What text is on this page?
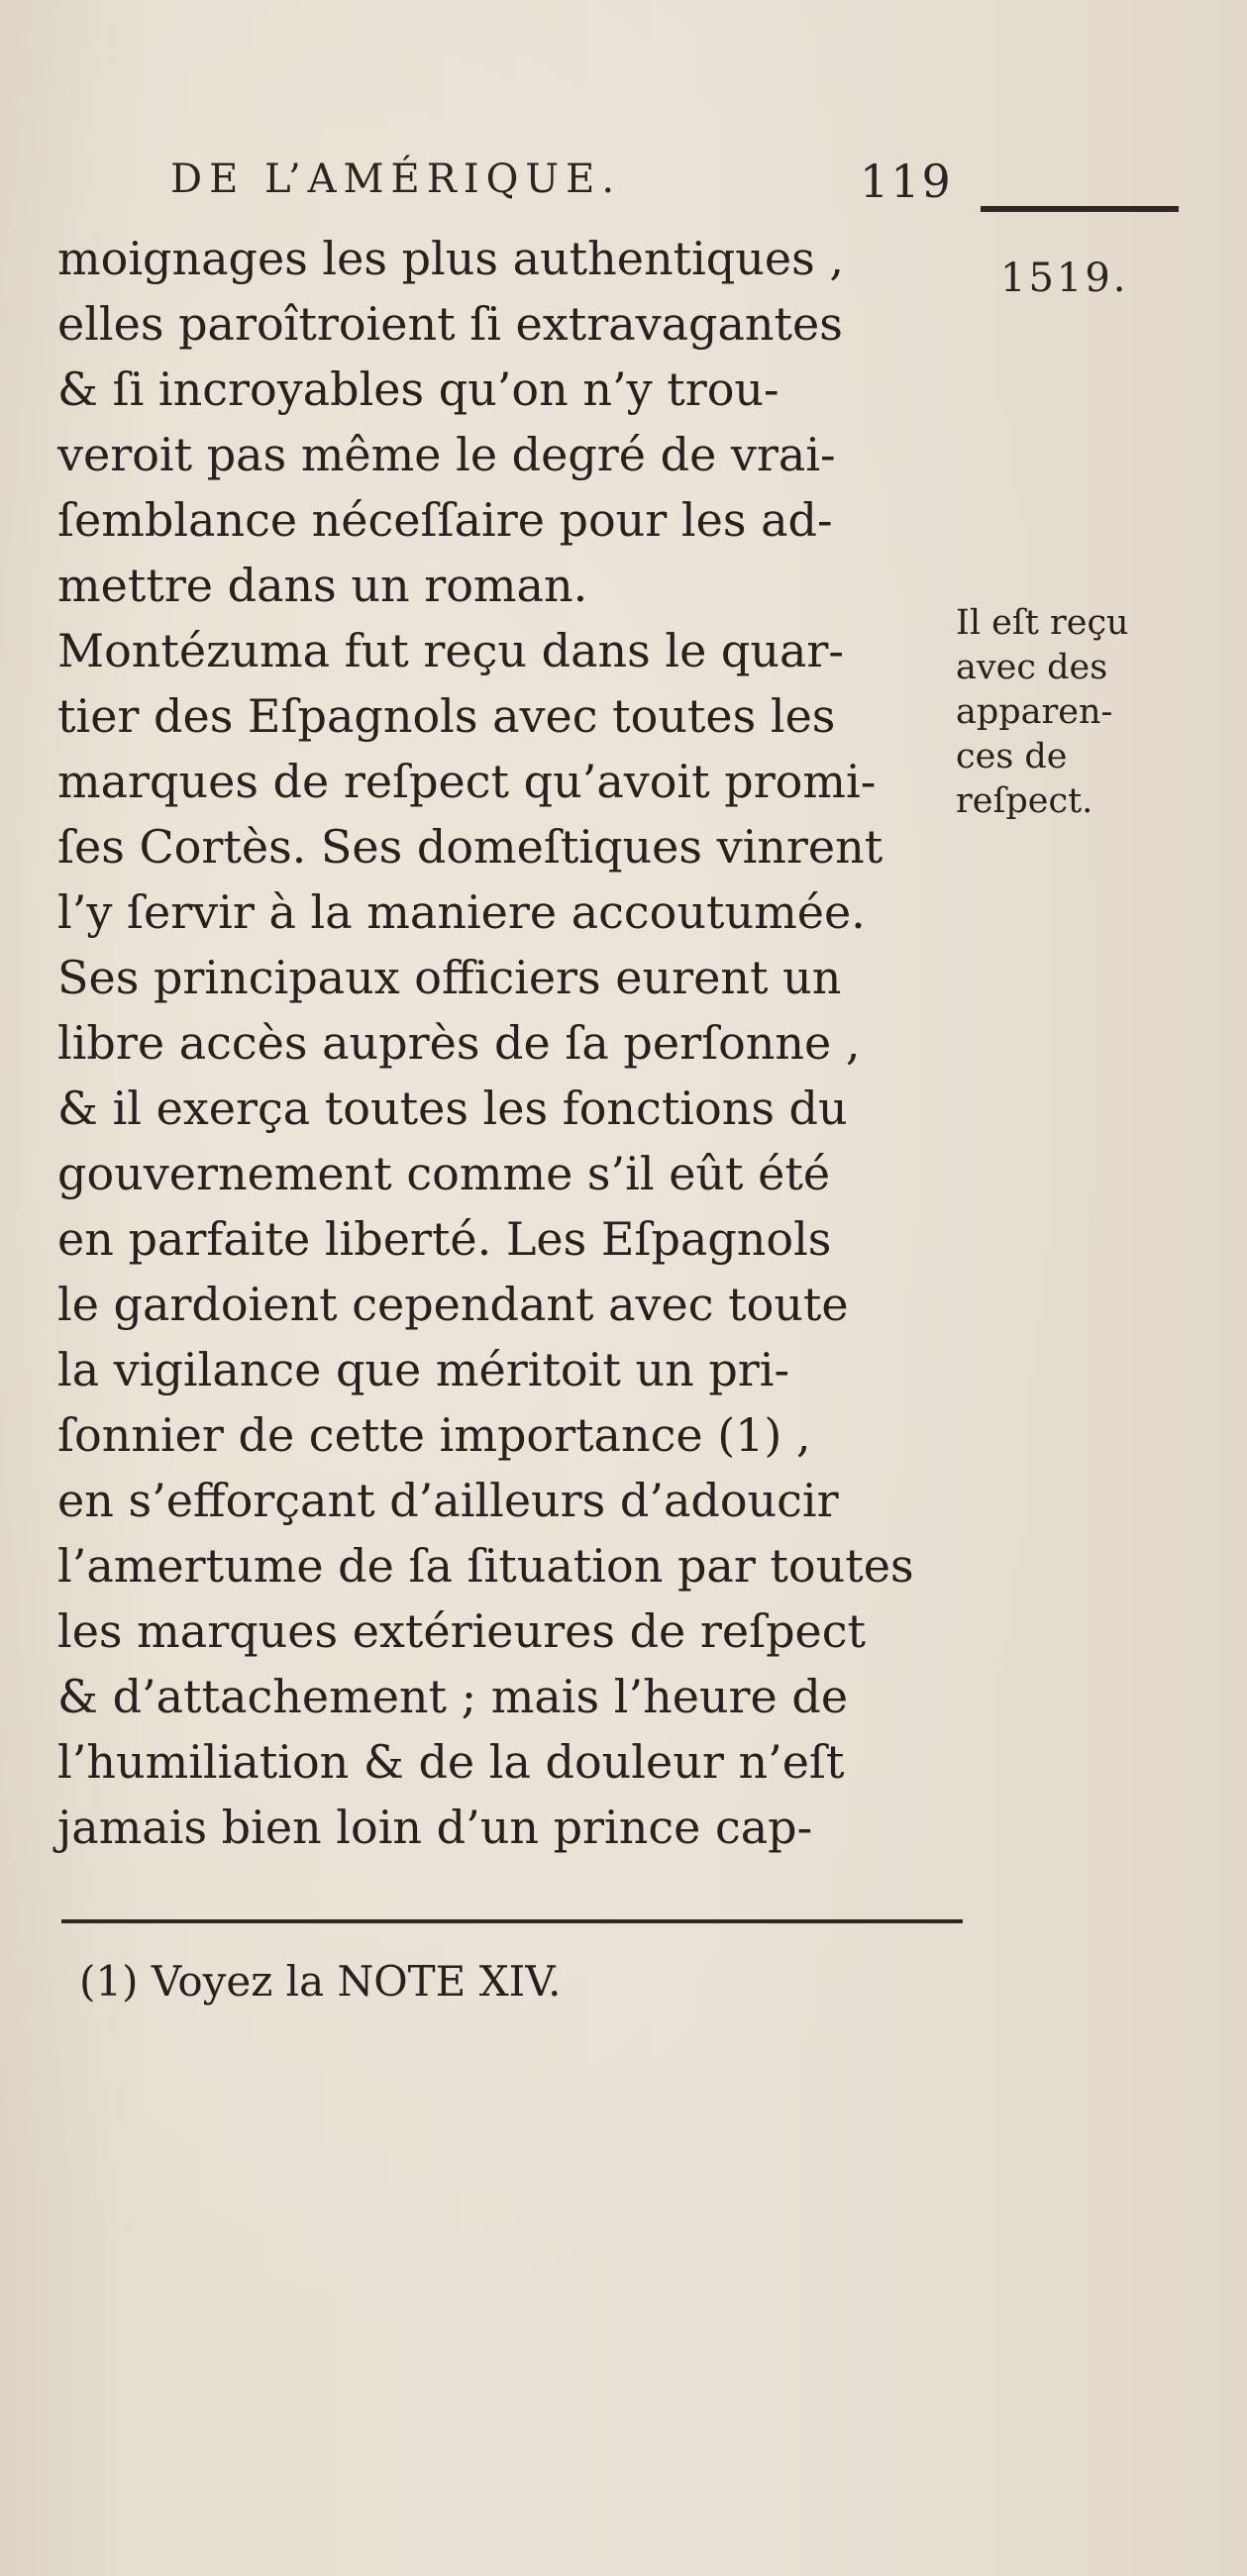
DE L’AMÉRIQUE.	119
1519.
moignages les plus authentiques ,
elles paroîtroient ſi extravagantes
& ſi incroyables qu’on n’y trou-
veroit pas même le degré de vrai-
ſemblance néceſſaire pour les ad-
mettre dans un roman.
Montézuma fut reçu dans le quar-
tier des Eſpagnols avec toutes les
marques de reſpect qu’avoit promi-
ſes Cortès. Ses domeſtiques vinrent
l’y ſervir à la maniere accoutumée.
Ses principaux officiers eurent un
libre accès auprès de ſa perſonne ,
& il exerça toutes les fonctions du
gouvernement comme s’il eût été
en parfaite liberté. Les Eſpagnols
le gardoient cependant avec toute
la vigilance que méritoit un pri-
ſonnier de cette importance (1) ,
en s’efforçant d’ailleurs d’adoucir
l’amertume de ſa ſituation par toutes
les marques extérieures de reſpect
& d’attachement ; mais l’heure de
l’humiliation & de la douleur n’eſt
jamais bien loin d’un prince cap-
Il eſt reçu
avec des
apparen-
ces de
reſpect.
(1) Voyez la NOTE XIV.
